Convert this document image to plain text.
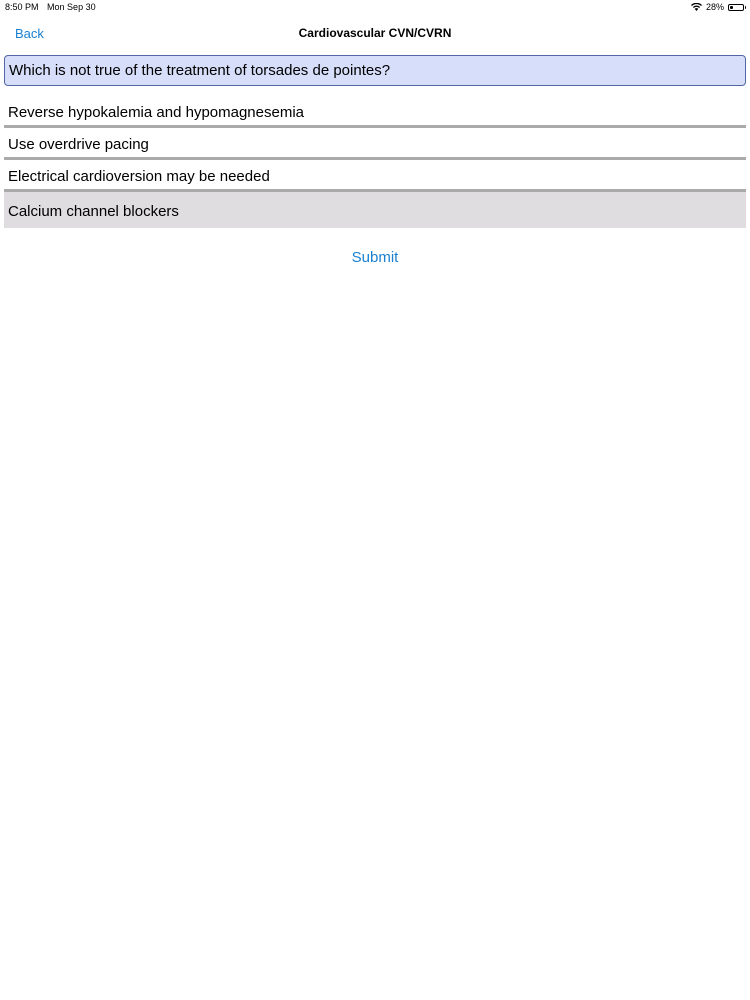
8:50 PM Mon Sep 30	28%
Back	Cardiovascular CVN/CVRN
Which is not true of the treatment of torsades de pointes?
Reverse hypokalemia and hypomagnesemia
Use overdrive pacing
Electrical cardioversion may be needed
Calcium channel blockers
Submit
